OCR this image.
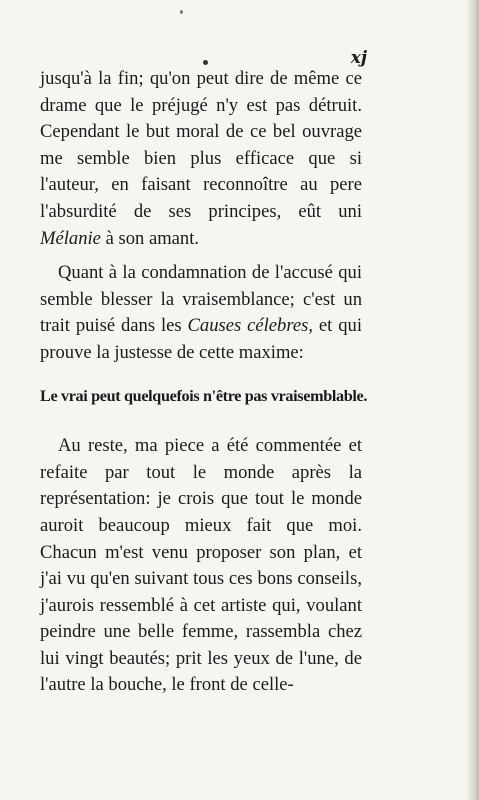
xj

jusqu'à la fin; qu'on peut dire de même ce drame que le préjugé n'y est pas détruit. Cependant le but moral de ce bel ouvrage me semble bien plus efficace que si l'auteur, en faisant reconnoître au pere l'absurdité de ses principes, eût uni Mélanie à son amant.

Quant à la condamnation de l'accusé qui semble blesser la vraisemblance; c'est un trait puisé dans les Causes célebres, et qui prouve la justesse de cette maxime:

Le vrai peut quelquefois n'être pas vraisemblable.

Au reste, ma piece a été commentée et refaite par tout le monde après la représentation: je crois que tout le monde auroit beaucoup mieux fait que moi. Chacun m'est venu proposer son plan, et j'ai vu qu'en suivant tous ces bons conseils, j'aurois ressemblé à cet artiste qui, voulant peindre une belle femme, rassembla chez lui vingt beautés; prit les yeux de l'une, de l'autre la bouche, le front de celle-
